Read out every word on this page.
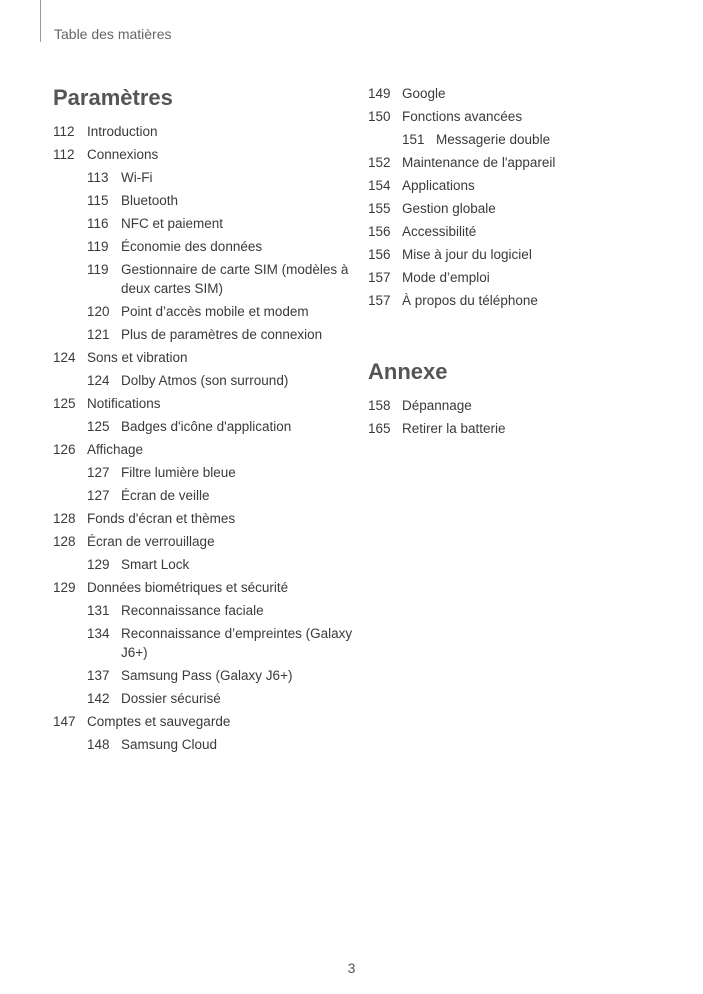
Table des matières
Paramètres
112 Introduction
112 Connexions
113 Wi-Fi
115 Bluetooth
116 NFC et paiement
119 Économie des données
119 Gestionnaire de carte SIM (modèles à deux cartes SIM)
120 Point d’accès mobile et modem
121 Plus de paramètres de connexion
124 Sons et vibration
124 Dolby Atmos (son surround)
125 Notifications
125 Badges d'icône d'application
126 Affichage
127 Filtre lumière bleue
127 Écran de veille
128 Fonds d'écran et thèmes
128 Écran de verrouillage
129 Smart Lock
129 Données biométriques et sécurité
131 Reconnaissance faciale
134 Reconnaissance d’empreintes (Galaxy J6+)
137 Samsung Pass (Galaxy J6+)
142 Dossier sécurisé
147 Comptes et sauvegarde
148 Samsung Cloud
149 Google
150 Fonctions avancées
151 Messagerie double
152 Maintenance de l'appareil
154 Applications
155 Gestion globale
156 Accessibilité
156 Mise à jour du logiciel
157 Mode d’emploi
157 À propos du téléphone
Annexe
158 Dépannage
165 Retirer la batterie
3
